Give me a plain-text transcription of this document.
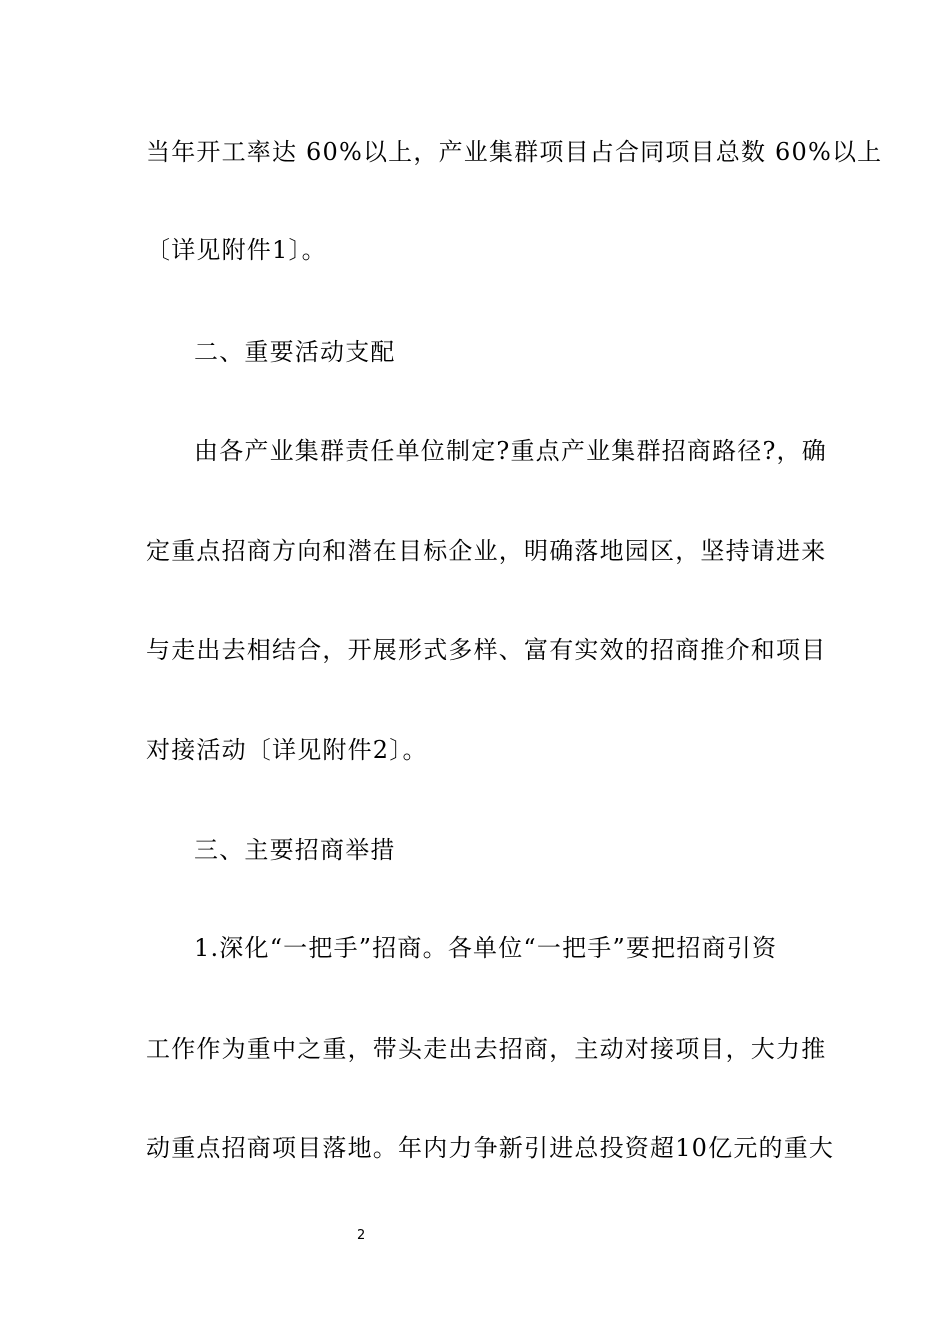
当年开工率达 60%以上，产业集群项目占合同项目总数 60%以上
〔详见附件1〕。
二、重要活动支配
由各产业集群责任单位制定?重点产业集群招商路径?，确
定重点招商方向和潜在目标企业，明确落地园区，坚持请进来
与走出去相结合，开展形式多样、富有实效的招商推介和项目
对接活动〔详见附件2〕。
三、主要招商举措
1.深化“一把手”招商。各单位“一把手”要把招商引资
工作作为重中之重，带头走出去招商，主动对接项目，大力推
动重点招商项目落地。年内力争新引进总投资超10亿元的重大
2
